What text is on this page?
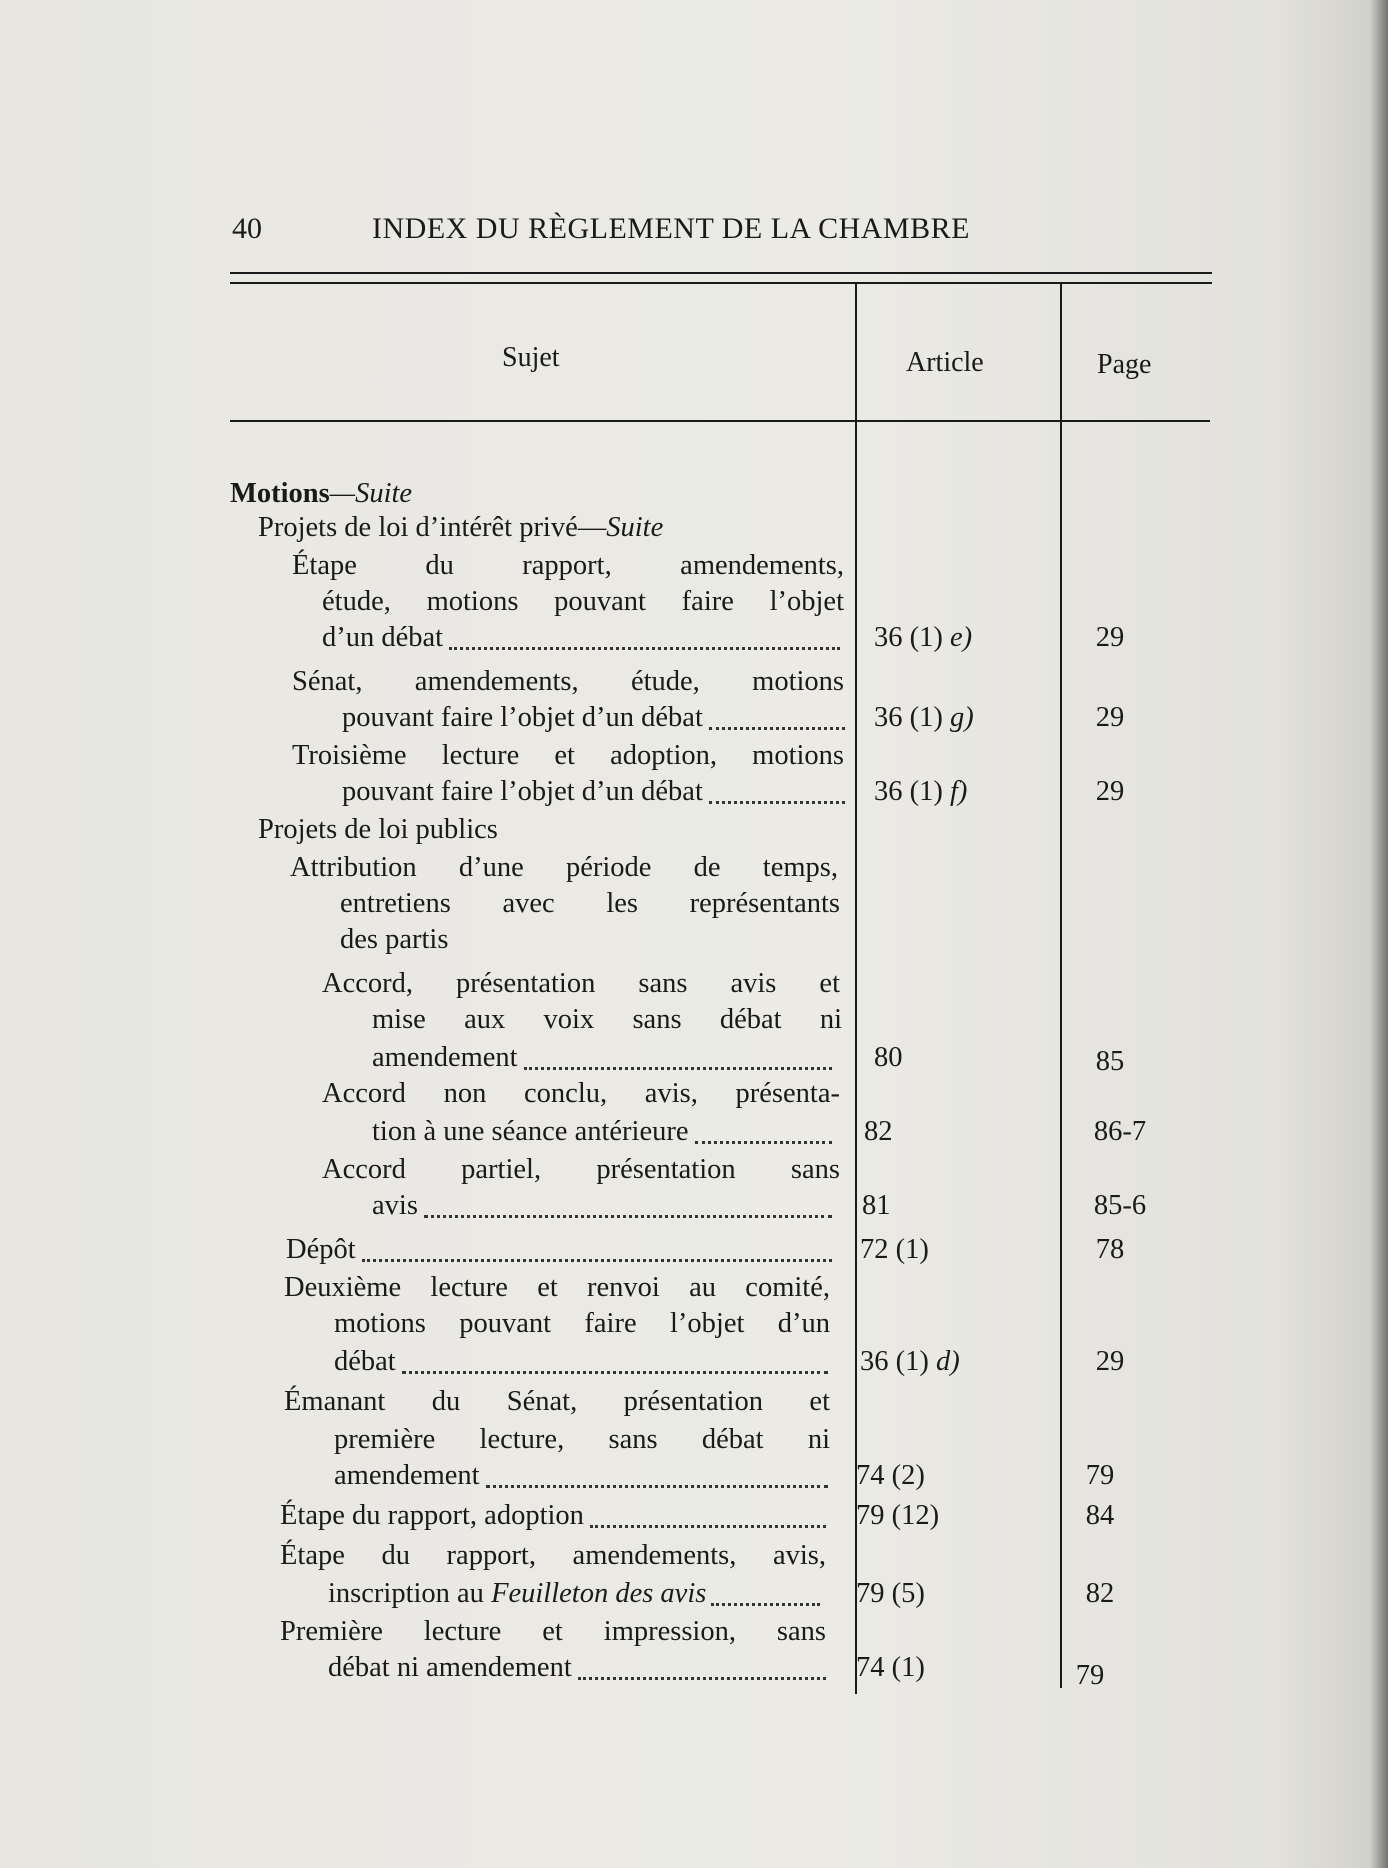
40	INDEX DU RÈGLEMENT DE LA CHAMBRE
Sujet	Article	Page
Motions—Suite
Projets de loi d’intérêt privé—Suite
Étape du rapport, amendements,
étude, motions pouvant faire l’objet
d’un débat	36 (1) e)	29
Sénat, amendements, étude, motions
pouvant faire l’objet d’un débat	36 (1) g)	29
Troisième lecture et adoption, motions
pouvant faire l’objet d’un débat	36 (1) f)	29
Projets de loi publics
Attribution d’une période de temps,
entretiens avec les représentants
des partis
Accord, présentation sans avis et
mise aux voix sans débat ni
amendement	80	85
Accord non conclu, avis, présenta-
tion à une séance antérieure	82	86-7
Accord partiel, présentation sans
avis	81	85-6
Dépôt	72 (1)	78
Deuxième lecture et renvoi au comité,
motions pouvant faire l’objet d’un
débat	36 (1) d)	29
Émanant du Sénat, présentation et
première lecture, sans débat ni
amendement	74 (2)	79
Étape du rapport, adoption	79 (12)	84
Étape du rapport, amendements, avis,
inscription au Feuilleton des avis	79 (5)	82
Première lecture et impression, sans
débat ni amendement	74 (1)	79
